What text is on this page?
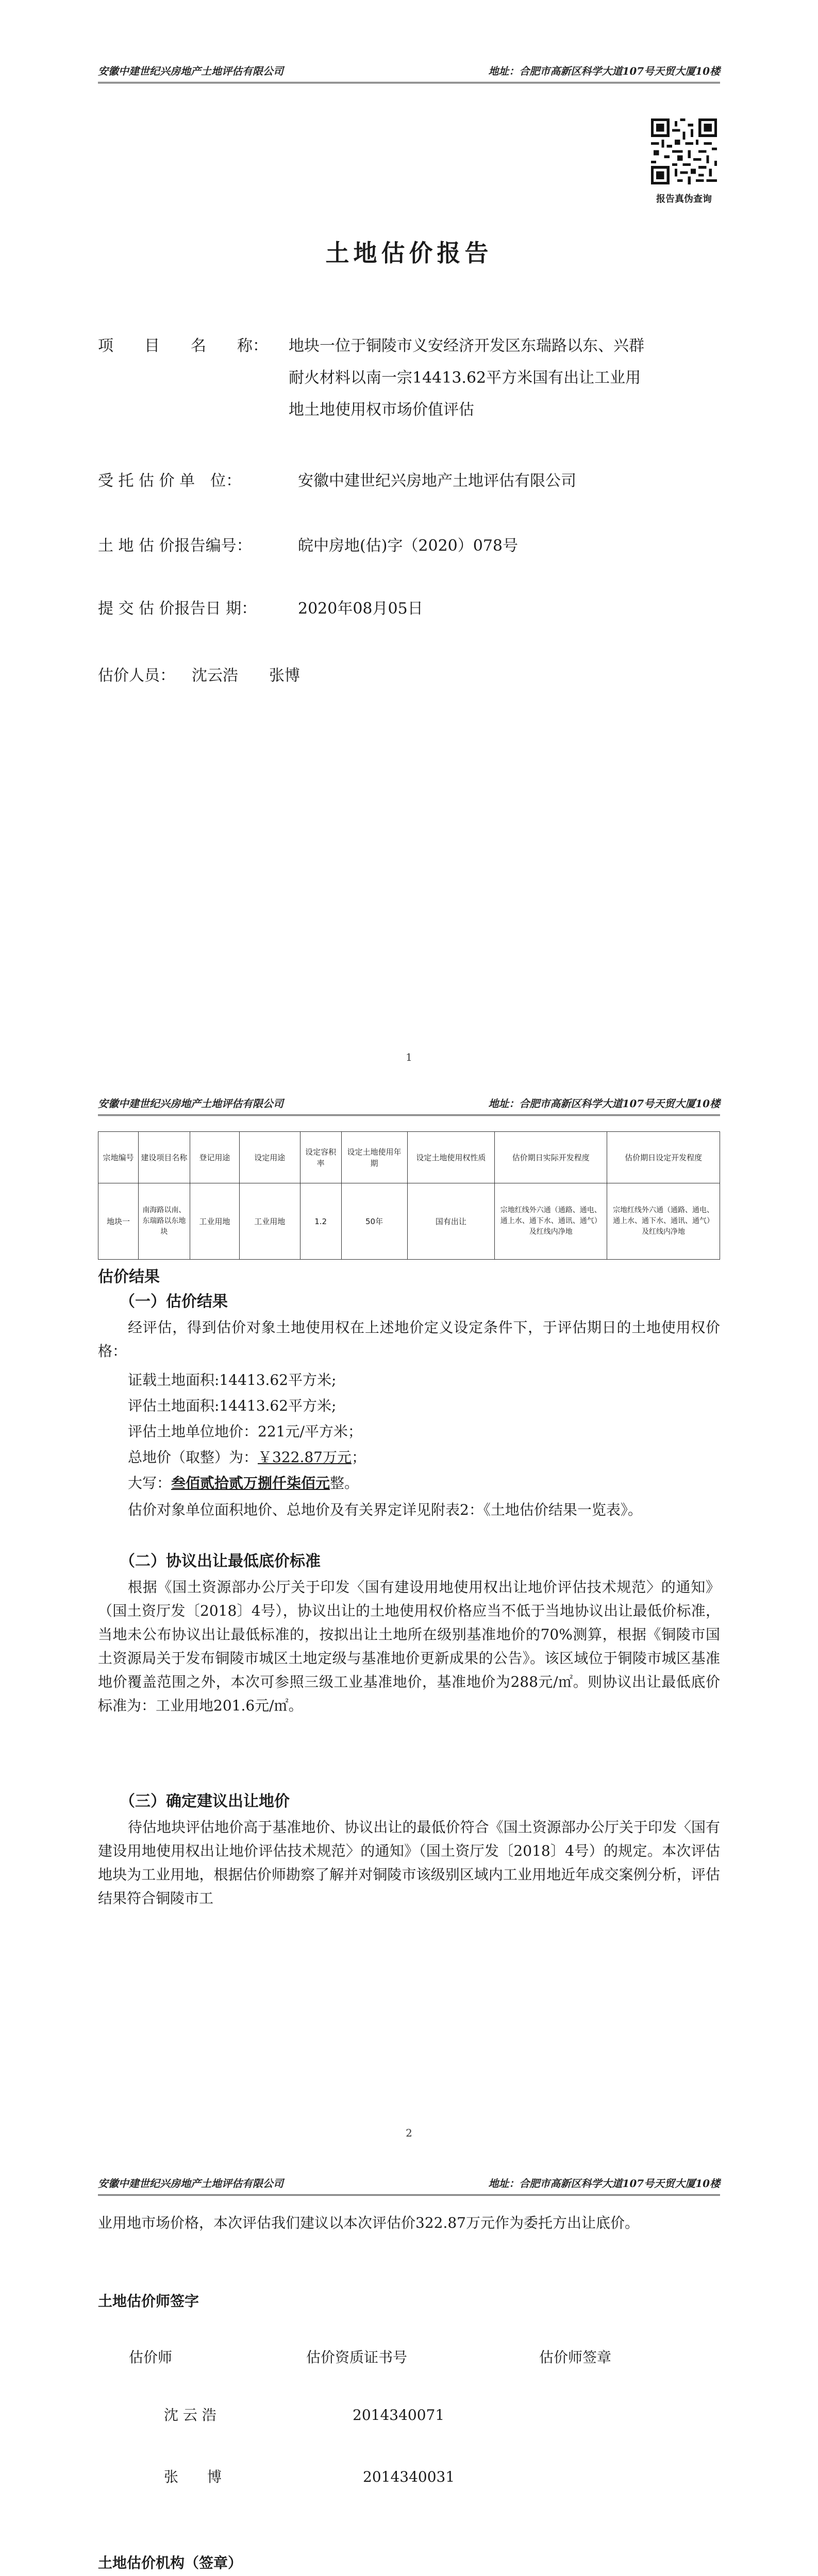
安徽中建世纪兴房地产土地评估有限公司	地址：合肥市高新区科学大道107号天贸大厦10楼
报告真伪查询
土地估价报告
项　　目　　名　　称： 地块一位于铜陵市义安经济开发区东瑞路以东、兴群
耐火材料以南一宗14413.62平方米国有出让工业用
地土地使用权市场价值评估
受 托 估 价 单　位：	安徽中建世纪兴房地产土地评估有限公司
土 地 估 价报告编号：	皖中房地(估)字（2020）078号
提 交 估 价报告日 期：	2020年08月05日
估价人员： 沈云浩　　张博
1
安徽中建世纪兴房地产土地评估有限公司	地址：合肥市高新区科学大道107号天贸大厦10楼
宗地编号	建设项目名称	登记用途	设定用途	设定容积率	设定土地使用年期	设定土地使用权性质	估价期日实际开发程度	估价期日设定开发程度
地块一	南海路以南、东瑞路以东地块	工业用地	工业用地	1.2	50年	国有出让	宗地红线外六通（通路、通电、通上水、通下水、通讯、通气）及红线内净地	宗地红线外六通（通路、通电、通上水、通下水、通讯、通气）及红线内净地
估价结果
（一）估价结果
经评估，得到估价对象土地使用权在上述地价定义设定条件下，于评估期日的土地使用权价格：
证载土地面积:14413.62平方米;
评估土地面积:14413.62平方米;
评估土地单位地价：221元/平方米；
总地价（取整）为：￥322.87万元；
大写：叁佰贰拾贰万捌仟柒佰元整。
估价对象单位面积地价、总地价及有关界定详见附表2：《土地估价结果一览表》。
（二）协议出让最低底价标准
根据《国土资源部办公厅关于印发〈国有建设用地使用权出让地价评估技术规范〉的通知》（国土资厅发〔2018〕4号），协议出让的土地使用权价格应当不低于当地协议出让最低价标准，当地未公布协议出让最低标准的，按拟出让土地所在级别基准地价的70%测算，根据《铜陵市国土资源局关于发布铜陵市城区土地定级与基准地价更新成果的公告》。该区域位于铜陵市城区基准地价覆盖范围之外，本次可参照三级工业基准地价，基准地价为288元/㎡。则协议出让最低底价标准为：工业用地201.6元/㎡。
（三）确定建议出让地价
待估地块评估地价高于基准地价、协议出让的最低价符合《国土资源部办公厅关于印发〈国有建设用地使用权出让地价评估技术规范〉的通知》（国土资厅发〔2018〕4号）的规定。本次评估地块为工业用地，根据估价师勘察了解并对铜陵市该级别区域内工业用地近年成交案例分析，评估结果符合铜陵市工
2
安徽中建世纪兴房地产土地评估有限公司	地址：合肥市高新区科学大道107号天贸大厦10楼
业用地市场价格，本次评估我们建议以本次评估价322.87万元作为委托方出让底价。
土地估价师签字
估价师	估价资质证书号	估价师签章
沈 云 浩	2014340071
张　　博	2014340031
土地估价机构（签章）
